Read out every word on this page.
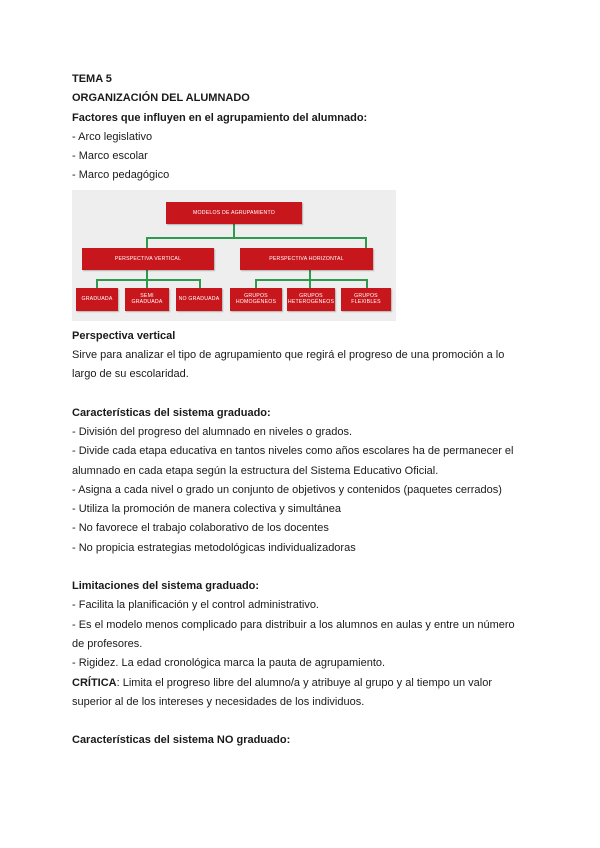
TEMA 5
ORGANIZACIÓN DEL ALUMNADO
Factores que influyen en el agrupamiento del alumnado:
- Arco legislativo
- Marco escolar
- Marco pedagógico
MODELOS DE AGRUPAMIENTO
PERSPECTIVA VERTICAL	PERSPECTIVA HORIZONTAL
GRADUADA
SEMI GRADUADA
NO GRADUADA
GRUPOS HOMOGÉNEOS
GRUPOS HETEROGÉNEOS
GRUPOS FLEXIBLES
Perspectiva vertical
Sirve para analizar el tipo de agrupamiento que regirá el progreso de una promoción a lo
largo de su escolaridad.
Características del sistema graduado:
- División del progreso del alumnado en niveles o grados.
- Divide cada etapa educativa en tantos niveles como años escolares ha de permanecer el
alumnado en cada etapa según la estructura del Sistema Educativo Oficial.
- Asigna a cada nivel o grado un conjunto de objetivos y contenidos (paquetes cerrados)
- Utiliza la promoción de manera colectiva y simultánea
- No favorece el trabajo colaborativo de los docentes
- No propicia estrategias metodológicas individualizadoras
Limitaciones del sistema graduado:
- Facilita la planificación y el control administrativo.
- Es el modelo menos complicado para distribuir a los alumnos en aulas y entre un número
de profesores.
- Rigidez. La edad cronológica marca la pauta de agrupamiento.
CRÍTICA: Limita el progreso libre del alumno/a y atribuye al grupo y al tiempo un valor
superior al de los intereses y necesidades de los individuos.
Características del sistema NO graduado:
